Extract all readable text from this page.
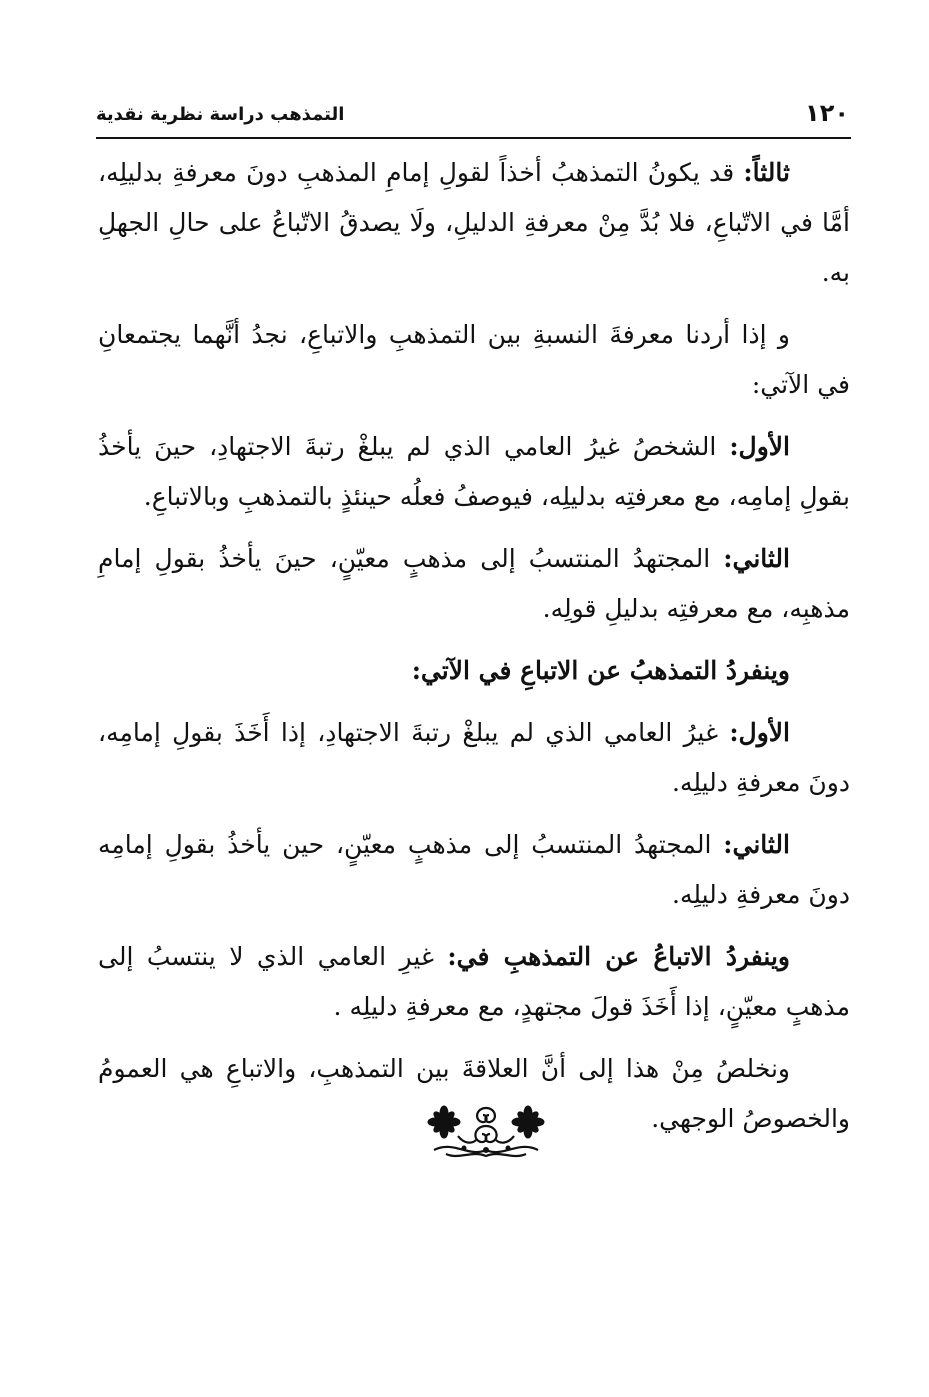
١٢٠
التمذهب دراسة نظرية نقدية

ثالثاً: قد يكونُ التمذهبُ أخذاً لقولِ إمامِ المذهبِ دونَ معرفةِ بدليلِه، أمَّا في الاتّباعِ، فلا بُدَّ مِنْ معرفةِ الدليلِ، ولَا يصدقُ الاتّباعُ على حالِ الجهلِ به.

و إذا أردنا معرفةَ النسبةِ بين التمذهبِ والاتباعِ، نجدُ أنَّهما يجتمعانِ في الآتي:

الأول: الشخصُ غيرُ العامي الذي لم يبلغْ رتبةَ الاجتهادِ، حينَ يأخذُ بقولِ إمامِه، مع معرفتِه بدليلِه، فيوصفُ فعلُه حينئذٍ بالتمذهبِ وبالاتباعِ.

الثاني: المجتهدُ المنتسبُ إلى مذهبٍ معيّنٍ، حينَ يأخذُ بقولِ إمامِ مذهبِه، مع معرفتِه بدليلِ قولِه.

وينفردُ التمذهبُ عن الاتباعِ في الآتي:

الأول: غيرُ العامي الذي لم يبلغْ رتبةَ الاجتهادِ، إذا أَخَذَ بقولِ إمامِه، دونَ معرفةِ دليلِه.

الثاني: المجتهدُ المنتسبُ إلى مذهبٍ معيّنٍ، حين يأخذُ بقولِ إمامِه دونَ معرفةِ دليلِه.

وينفردُ الاتباعُ عن التمذهبِ في: غيرِ العامي الذي لا ينتسبُ إلى مذهبٍ معيّنٍ، إذا أَخَذَ قولَ مجتهدٍ، مع معرفةِ دليلِه .

ونخلصُ مِنْ هذا إلى أنَّ العلاقةَ بين التمذهبِ، والاتباعِ هي العمومُ والخصوصُ الوجهي.
